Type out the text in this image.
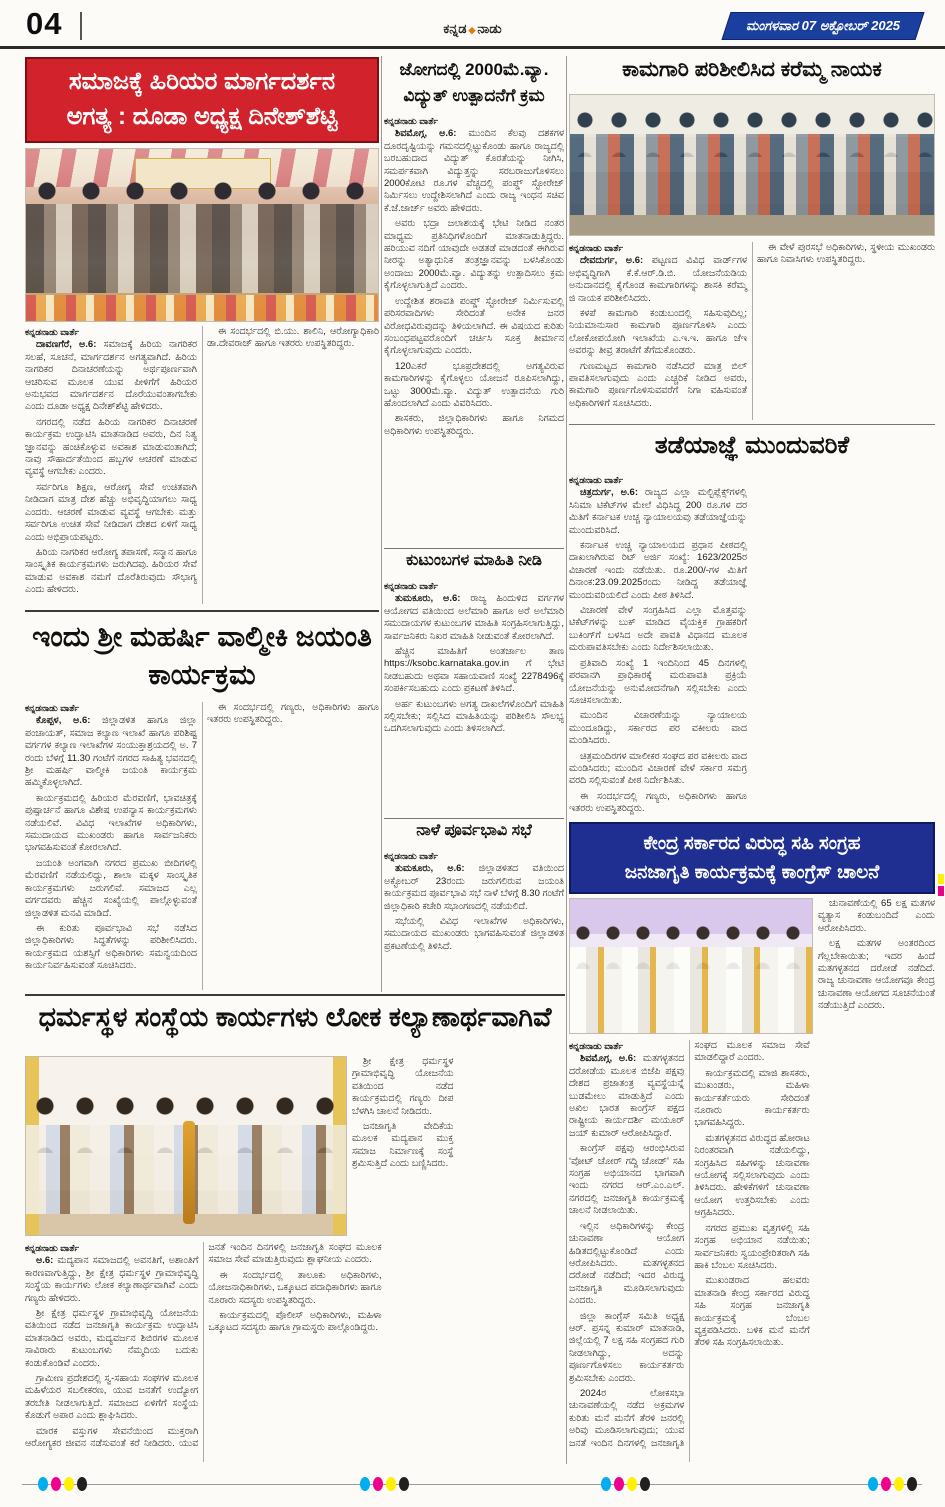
04	ಕನ್ನಡ ◆ ನಾಡು	ಮಂಗಳವಾರ 07 ಅಕ್ಟೋಬರ್ 2025
ಸಮಾಜಕ್ಕೆ ಹಿರಿಯರ ಮಾರ್ಗದರ್ಶನ
ಅಗತ್ಯ : ದೂಡಾ ಅಧ್ಯಕ್ಷ ದಿನೇಶ್‌ಶೆಟ್ಟಿ
ಕನ್ನಡನಾಡು ವಾರ್ತೆ

ದಾವಣಗೆರೆ, ಅ.6: ಸಮಾಜಕ್ಕೆ ಹಿರಿಯ ನಾಗರಿಕರ ಸಲಹೆ, ಸೂಚನೆ, ಮಾರ್ಗದರ್ಶನ ಅಗತ್ಯವಾಗಿದೆ. ಹಿರಿಯ ನಾಗರಿಕರ ದಿನಾಚರಣೆಯನ್ನು ಅರ್ಥಪೂರ್ಣವಾಗಿ ಆಚರಿಸುವ ಮೂಲಕ ಯುವ ಪೀಳಿಗೆಗೆ ಹಿರಿಯರ ಅನುಭವದ ಮಾರ್ಗದರ್ಶನ ದೊರೆಯುವಂತಾಗಬೇಕು ಎಂದು ದೂಡಾ ಅಧ್ಯಕ್ಷ ದಿನೇಶ್‌ಶೆಟ್ಟಿ ಹೇಳಿದರು.

ನಗರದಲ್ಲಿ ನಡೆದ ಹಿರಿಯ ನಾಗರಿಕರ ದಿನಾಚರಣೆ ಕಾರ್ಯಕ್ರಮ ಉದ್ಘಾಟಿಸಿ ಮಾತನಾಡಿದ ಅವರು, ದಿನ ನಿತ್ಯ ಜ್ಞಾನವನ್ನು ಹಂಚಿಕೊಳ್ಳುವ ಅವಕಾಶ ಮಾಡುವಂತಾಗಿದೆ; ನಾವು ಸೌಹಾರ್ದತೆಯಿಂದ ಹಬ್ಬಗಳ ಆಚರಣೆ ಮಾಡುವ ವ್ಯವಸ್ಥೆ ಆಗಬೇಕು ಎಂದರು.

ಸರ್ವರಿಗೂ ಶಿಕ್ಷಣ, ಆರೋಗ್ಯ ಸೇವೆ ಉಚಿತವಾಗಿ ನೀಡಿದಾಗ ಮಾತ್ರ ದೇಶ ಹೆಚ್ಚು ಅಭಿವೃದ್ಧಿಯಾಗಲು ಸಾಧ್ಯ ಎಂದರು. ಆಚರಣೆ ಮಾಡುವ ವ್ಯವಸ್ಥೆ ಆಗಬೇಕು ಮತ್ತು ಸರ್ವರಿಗೂ ಉಚಿತ ಸೇವೆ ನೀಡಿದಾಗ ದೇಶದ ಏಳಿಗೆ ಸಾಧ್ಯ ಎಂದು ಅಭಿಪ್ರಾಯಪಟ್ಟರು.

ಹಿರಿಯ ನಾಗರಿಕರ ಆರೋಗ್ಯ ತಪಾಸಣೆ, ಸನ್ಮಾನ ಹಾಗೂ ಸಾಂಸ್ಕೃತಿಕ ಕಾರ್ಯಕ್ರಮಗಳು ಜರುಗಿದವು. ಹಿರಿಯರ ಸೇವೆ ಮಾಡುವ ಅವಕಾಶ ನಮಗೆ ದೊರೆತಿರುವುದು ಸೌಭಾಗ್ಯ ಎಂದು ಹೇಳಿದರು.

ಈ ಸಂದರ್ಭದಲ್ಲಿ ಬಿ.ಯು. ಶಾಲಿನಿ, ಆರೋಗ್ಯಾಧಿಕಾರಿ ಡಾ.ದೇವರಾಜ್ ಹಾಗೂ ಇತರರು ಉಪಸ್ಥಿತರಿದ್ದರು.

ಇಂದು ಶ್ರೀ ಮಹರ್ಷಿ ವಾಲ್ಮೀಕಿ ಜಯಂತಿ ಕಾರ್ಯಕ್ರಮ
ಕನ್ನಡನಾಡು ವಾರ್ತೆ

ಕೊಪ್ಪಳ, ಅ.6: ಜಿಲ್ಲಾಡಳಿತ ಹಾಗೂ ಜಿಲ್ಲಾ ಪಂಚಾಯತ್, ಸಮಾಜ ಕಲ್ಯಾಣ ಇಲಾಖೆ ಹಾಗೂ ಪರಿಶಿಷ್ಟ ವರ್ಗಗಳ ಕಲ್ಯಾಣ ಇಲಾಖೆಗಳ ಸಂಯುಕ್ತಾಶ್ರಯದಲ್ಲಿ ಅ. 7 ರಂದು ಬೆಳಗ್ಗೆ 11.30 ಗಂಟೆಗೆ ನಗರದ ಸಾಹಿತ್ಯ ಭವನದಲ್ಲಿ ಶ್ರೀ ಮಹರ್ಷಿ ವಾಲ್ಮೀಕಿ ಜಯಂತಿ ಕಾರ್ಯಕ್ರಮ ಹಮ್ಮಿಕೊಳ್ಳಲಾಗಿದೆ.

ಕಾರ್ಯಕ್ರಮದಲ್ಲಿ ಹಿರಿಯರ ಮೆರವಣಿಗೆ, ಭಾವಚಿತ್ರಕ್ಕೆ ಪುಷ್ಪಾರ್ಚನೆ ಹಾಗೂ ವಿಶೇಷ ಉಪನ್ಯಾಸ ಕಾರ್ಯಕ್ರಮಗಳು ನಡೆಯಲಿವೆ. ವಿವಿಧ ಇಲಾಖೆಗಳ ಅಧಿಕಾರಿಗಳು, ಸಮುದಾಯದ ಮುಖಂಡರು ಹಾಗೂ ಸಾರ್ವಜನಿಕರು ಭಾಗವಹಿಸುವಂತೆ ಕೋರಲಾಗಿದೆ.

ಜಯಂತಿ ಅಂಗವಾಗಿ ನಗರದ ಪ್ರಮುಖ ಬೀದಿಗಳಲ್ಲಿ ಮೆರವಣಿಗೆ ನಡೆಯಲಿದ್ದು, ಶಾಲಾ ಮಕ್ಕಳ ಸಾಂಸ್ಕೃತಿಕ ಕಾರ್ಯಕ್ರಮಗಳು ಜರುಗಲಿವೆ. ಸಮಾಜದ ಎಲ್ಲ ವರ್ಗದವರು ಹೆಚ್ಚಿನ ಸಂಖ್ಯೆಯಲ್ಲಿ ಪಾಲ್ಗೊಳ್ಳುವಂತೆ ಜಿಲ್ಲಾಡಳಿತ ಮನವಿ ಮಾಡಿದೆ.

ಈ ಕುರಿತು ಪೂರ್ವಭಾವಿ ಸಭೆ ನಡೆಸಿದ ಜಿಲ್ಲಾಧಿಕಾರಿಗಳು ಸಿದ್ಧತೆಗಳನ್ನು ಪರಿಶೀಲಿಸಿದರು. ಕಾರ್ಯಕ್ರಮದ ಯಶಸ್ಸಿಗೆ ಅಧಿಕಾರಿಗಳು ಸಮನ್ವಯದಿಂದ ಕಾರ್ಯನಿರ್ವಹಿಸುವಂತೆ ಸೂಚಿಸಿದರು.

ಈ ಸಂದರ್ಭದಲ್ಲಿ ಗಣ್ಯರು, ಅಧಿಕಾರಿಗಳು ಹಾಗೂ ಇತರರು ಉಪಸ್ಥಿತರಿದ್ದರು.

ಜೋಗದಲ್ಲಿ 2000ಮೆ.ವ್ಯಾ.
ವಿದ್ಯುತ್ ಉತ್ಪಾದನೆಗೆ ಕ್ರಮ
ಕನ್ನಡನಾಡು ವಾರ್ತೆ

ಶಿವಮೊಗ್ಗ, ಅ.6: ಮುಂದಿನ ಕೆಲವು ದಶಕಗಳ ದೂರದೃಷ್ಟಿಯನ್ನು ಗಮನದಲ್ಲಿಟ್ಟುಕೊಂಡು ಹಾಗೂ ರಾಜ್ಯದಲ್ಲಿ ಬರಬಹುದಾದ ವಿದ್ಯುತ್ ಕೊರತೆಯನ್ನು ನೀಗಿಸಿ, ಸಮರ್ಪಕವಾಗಿ ವಿದ್ಯುತ್ತನ್ನು ಸರಬರಾಜುಗೊಳಿಸಲು 2000ಕೋಟಿ ರೂ.ಗಳ ವೆಚ್ಚದಲ್ಲಿ ಪಂಪ್ಡ್ ಸ್ಟೋರೇಜ್ ನಿರ್ಮಿಸಲು ಉದ್ದೇಶಿಸಲಾಗಿದೆ ಎಂದು ರಾಜ್ಯ ಇಂಧನ ಸಚಿವ ಕೆ.ಜೆ.ಜಾರ್ಜ್ ಅವರು ಹೇಳಿದರು.

ಅವರು ಭದ್ರಾ ಜಲಾಶಯಕ್ಕೆ ಭೇಟಿ ನೀಡಿದ ನಂತರ ಮಾಧ್ಯಮ ಪ್ರತಿನಿಧಿಗಳೊಂದಿಗೆ ಮಾತನಾಡುತ್ತಿದ್ದರು. ಹರಿಯುವ ನದಿಗೆ ಯಾವುದೇ ಅಡತಡೆ ಮಾಡದಂತೆ ಈಗಿರುವ ನೀರನ್ನು ಅತ್ಯಾಧುನಿಕ ತಂತ್ರಜ್ಞಾನವನ್ನು ಬಳಸಿಕೊಂಡು ಅಂದಾಜು 2000ಮೆ.ವ್ಯಾ. ವಿದ್ಯುತನ್ನು ಉತ್ಪಾದಿಸಲು ಕ್ರಮ ಕೈಗೊಳ್ಳಲಾಗುತ್ತಿದೆ ಎಂದರು.

ಉದ್ದೇಶಿತ ಶರಾವತಿ ಪಂಪ್ಡ್ ಸ್ಟೋರೇಜ್ ನಿರ್ಮಿಸುವಲ್ಲಿ ಪರಿಸರವಾದಿಗಳು ಸೇರಿದಂತೆ ಅನೇಕ ಜನರ ವಿರೋಧವಿರುವುದನ್ನು ತಿಳಿಯಲಾಗಿದೆ. ಈ ವಿಷಯದ ಕುರಿತು ಸಂಬಂಧಪಟ್ಟವರೊಂದಿಗೆ ಚರ್ಚಿಸಿ ಸೂಕ್ತ ತೀರ್ಮಾನ ಕೈಗೊಳ್ಳಲಾಗುವುದು ಎಂದರು.

120ಎಕರೆ ಭೂಪ್ರದೇಶದಲ್ಲಿ ಅಗತ್ಯವಿರುವ ಕಾಮಗಾರಿಗಳನ್ನು ಕೈಗೊಳ್ಳಲು ಯೋಜನೆ ರೂಪಿಸಲಾಗಿದ್ದು, ಒಟ್ಟು 3000ಮೆ.ವ್ಯಾ. ವಿದ್ಯುತ್ ಉತ್ಪಾದನೆಯ ಗುರಿ ಹೊಂದಲಾಗಿದೆ ಎಂದು ವಿವರಿಸಿದರು.

ಶಾಸಕರು, ಜಿಲ್ಲಾಧಿಕಾರಿಗಳು ಹಾಗೂ ನಿಗಮದ ಅಧಿಕಾರಿಗಳು ಉಪಸ್ಥಿತರಿದ್ದರು.

ಕುಟುಂಬಗಳ ಮಾಹಿತಿ ನೀಡಿ
ಕನ್ನಡನಾಡು ವಾರ್ತೆ

ತುಮಕೂರು, ಅ.6: ರಾಜ್ಯ ಹಿಂದುಳಿದ ವರ್ಗಗಳ ಆಯೋಗದ ವತಿಯಿಂದ ಅಲೆಮಾರಿ ಹಾಗೂ ಅರೆ ಅಲೆಮಾರಿ ಸಮುದಾಯಗಳ ಕುಟುಂಬಗಳ ಮಾಹಿತಿ ಸಂಗ್ರಹಿಸಲಾಗುತ್ತಿದ್ದು, ಸಾರ್ವಜನಿಕರು ನಿಖರ ಮಾಹಿತಿ ನೀಡುವಂತೆ ಕೋರಲಾಗಿದೆ.

ಹೆಚ್ಚಿನ ಮಾಹಿತಿಗೆ ಅಂತರ್ಜಾಲ ತಾಣ https://ksobc.karnataka.gov.in ಗೆ ಭೇಟಿ ನೀಡಬಹುದು ಅಥವಾ ಸಹಾಯವಾಣಿ ಸಂಖ್ಯೆ 2278496ಕ್ಕೆ ಸಂಪರ್ಕಿಸಬಹುದು ಎಂದು ಪ್ರಕಟಣೆ ತಿಳಿಸಿದೆ.

ಅರ್ಹ ಕುಟುಂಬಗಳು ಅಗತ್ಯ ದಾಖಲೆಗಳೊಂದಿಗೆ ಮಾಹಿತಿ ಸಲ್ಲಿಸಬೇಕು; ಸಲ್ಲಿಸಿದ ಮಾಹಿತಿಯನ್ನು ಪರಿಶೀಲಿಸಿ ಸೌಲಭ್ಯ ಒದಗಿಸಲಾಗುವುದು ಎಂದು ತಿಳಿಸಲಾಗಿದೆ.

ನಾಳೆ ಪೂರ್ವಭಾವಿ ಸಭೆ
ಕನ್ನಡನಾಡು ವಾರ್ತೆ

ತುಮಕೂರು, ಅ.6: ಜಿಲ್ಲಾಡಳಿತದ ವತಿಯಿಂದ ಅಕ್ಟೋಬರ್ 23ರಂದು ಜರುಗಲಿರುವ ಜಯಂತಿ ಕಾರ್ಯಕ್ರಮದ ಪೂರ್ವಭಾವಿ ಸಭೆ ನಾಳೆ ಬೆಳಗ್ಗೆ 8.30 ಗಂಟೆಗೆ ಜಿಲ್ಲಾಧಿಕಾರಿ ಕಚೇರಿ ಸಭಾಂಗಣದಲ್ಲಿ ನಡೆಯಲಿದೆ.

ಸಭೆಯಲ್ಲಿ ವಿವಿಧ ಇಲಾಖೆಗಳ ಅಧಿಕಾರಿಗಳು, ಸಮುದಾಯದ ಮುಖಂಡರು ಭಾಗವಹಿಸುವಂತೆ ಜಿಲ್ಲಾಡಳಿತ ಪ್ರಕಟಣೆಯಲ್ಲಿ ತಿಳಿಸಿದೆ.

ಕಾಮಗಾರಿ ಪರಿಶೀಲಿಸಿದ ಕರೆಮ್ಮ ನಾಯಕ
ಕನ್ನಡನಾಡು ವಾರ್ತೆ

ದೇವದುರ್ಗ, ಅ.6: ಪಟ್ಟಣದ ವಿವಿಧ ವಾರ್ಡ್‌ಗಳ ಅಭಿವೃದ್ಧಿಗಾಗಿ ಕೆ.ಕೆ.ಆರ್.ಡಿ.ಬಿ. ಯೋಜನೆಯಡಿಯ ಅನುದಾನದಲ್ಲಿ ಕೈಗೊಂಡ ಕಾಮಗಾರಿಗಳನ್ನು ಶಾಸಕಿ ಕರೆಮ್ಮ ಜಿ ನಾಯಕ ಪರಿಶೀಲಿಸಿದರು.

ಕಳಪೆ ಕಾಮಗಾರಿ ಕಂಡುಬಂದಲ್ಲಿ ಸಹಿಸುವುದಿಲ್ಲ; ನಿಯಮಾನುಸಾರ ಕಾಮಗಾರಿ ಪೂರ್ಣಗೊಳಿಸಿ ಎಂದು ಲೋಕೋಪಯೋಗಿ ಇಲಾಖೆಯ ಎ.ಇ.ಇ. ಹಾಗೂ ಜೆಇ ಅವರನ್ನು ತೀವ್ರ ತರಾಟೆಗೆ ತೆಗೆದುಕೊಂಡರು.

ಗುಣಮಟ್ಟದ ಕಾಮಗಾರಿ ನಡೆಸಿದರೆ ಮಾತ್ರ ಬಿಲ್ ಪಾವತಿಸಲಾಗುವುದು ಎಂದು ಎಚ್ಚರಿಕೆ ನೀಡಿದ ಅವರು, ಕಾಮಗಾರಿ ಪೂರ್ಣಗೊಳಿಸುವವರೆಗೆ ನಿಗಾ ವಹಿಸುವಂತೆ ಅಧಿಕಾರಿಗಳಿಗೆ ಸೂಚಿಸಿದರು.

ಈ ವೇಳೆ ಪುರಸಭೆ ಅಧಿಕಾರಿಗಳು, ಸ್ಥಳೀಯ ಮುಖಂಡರು ಹಾಗೂ ನಿವಾಸಿಗಳು ಉಪಸ್ಥಿತರಿದ್ದರು.

ತಡೆಯಾಜ್ಞೆ ಮುಂದುವರಿಕೆ
ಕನ್ನಡನಾಡು ವಾರ್ತೆ

ಚಿತ್ರದುರ್ಗ, ಅ.6: ರಾಜ್ಯದ ಎಲ್ಲಾ ಮಲ್ಟಿಪ್ಲೆಕ್ಸ್‌ಗಳಲ್ಲಿ ಸಿನಿಮಾ ಟಿಕೆಟ್‌ಗಳ ಮೇಲೆ ವಿಧಿಸಿದ್ದ 200 ರೂ.ಗಳ ದರ ಮಿತಿಗೆ ಕರ್ನಾಟಕ ಉಚ್ಚ ನ್ಯಾಯಾಲಯವು ತಡೆಯಾಜ್ಞೆಯನ್ನು ಮುಂದುವರಿಸಿದೆ.

ಕರ್ನಾಟಕ ಉಚ್ಚ ನ್ಯಾಯಾಲಯದ ಪ್ರಧಾನ ಪೀಠದಲ್ಲಿ ದಾಖಲಾಗಿರುವ ರಿಟ್ ಅರ್ಜಿ ಸಂಖ್ಯೆ: 1623/2025ರ ವಿಚಾರಣೆ ಇಂದು ನಡೆಯಿತು. ರೂ.200/-ಗಳ ಮಿತಿಗೆ ದಿನಾಂಕ:23.09.2025ರಂದು ನೀಡಿದ್ದ ತಡೆಯಾಜ್ಞೆ ಮುಂದುವರಿಯಲಿದೆ ಎಂದು ಪೀಠ ತಿಳಿಸಿದೆ.

ವಿಚಾರಣೆ ವೇಳೆ ಸಂಗ್ರಹಿಸಿದ ಎಲ್ಲಾ ಮೊತ್ತವನ್ನು ಟಿಕೆಟ್‌ಗಳನ್ನು ಬುಕ್ ಮಾಡಿದ ವೈಯಕ್ತಿಕ ಗ್ರಾಹಕರಿಗೆ ಬುಕಿಂಗ್‌ಗೆ ಬಳಸಿದ ಅದೇ ಪಾವತಿ ವಿಧಾನದ ಮೂಲಕ ಮರುಪಾವತಿಸಬೇಕು ಎಂದು ನಿರ್ದೇಶಿಸಲಾಯಿತು.

ಪ್ರತಿವಾದಿ ಸಂಖ್ಯೆ 1 ಇಂದಿನಿಂದ 45 ದಿನಗಳಲ್ಲಿ ಪರವಾನಗಿ ಪ್ರಾಧಿಕಾರಕ್ಕೆ ಮರುಪಾವತಿ ಪ್ರಕ್ರಿಯೆ ಯೋಜನೆಯನ್ನು ಅನುಮೋದನೆಗಾಗಿ ಸಲ್ಲಿಸಬೇಕು ಎಂದು ಸೂಚಿಸಲಾಯಿತು.

ಮುಂದಿನ ವಿಚಾರಣೆಯನ್ನು ನ್ಯಾಯಾಲಯ ಮುಂದೂಡಿದ್ದು, ಸರ್ಕಾರದ ಪರ ವಕೀಲರು ವಾದ ಮಂಡಿಸಿದರು.

ಚಿತ್ರಮಂದಿರಗಳ ಮಾಲೀಕರ ಸಂಘದ ಪರ ವಕೀಲರು ವಾದ ಮಂಡಿಸಿದರು; ಮುಂದಿನ ವಿಚಾರಣೆ ವೇಳೆ ಸರ್ಕಾರ ಸಮಗ್ರ ವರದಿ ಸಲ್ಲಿಸುವಂತೆ ಪೀಠ ನಿರ್ದೇಶಿಸಿತು.

ಈ ಸಂದರ್ಭದಲ್ಲಿ ಗಣ್ಯರು, ಅಧಿಕಾರಿಗಳು ಹಾಗೂ ಇತರರು ಉಪಸ್ಥಿತರಿದ್ದರು.

ಕೇಂದ್ರ ಸರ್ಕಾರದ ವಿರುದ್ಧ ಸಹಿ ಸಂಗ್ರಹ
ಜನಜಾಗೃತಿ ಕಾರ್ಯಕ್ರಮಕ್ಕೆ ಕಾಂಗ್ರೆಸ್ ಚಾಲನೆ

ಚುನಾವಣೆಯಲ್ಲಿ 65 ಲಕ್ಷ ಮತಗಳ ವ್ಯತ್ಯಾಸ ಕಂಡುಬಂದಿದೆ ಎಂದು ಆರೋಪಿಸಿದರು.

ಲಕ್ಷ ಮತಗಳ ಅಂತರದಿಂದ ಗೆಲ್ಲಬೇಕಾಯಿತು; ಇದರ ಹಿಂದೆ ಮತಗಳ್ಳತನದ ದರೋಡೆ ನಡೆದಿದೆ. ರಾಜ್ಯ ಚುನಾವಣಾ ಆಯೋಗವೂ ಕೇಂದ್ರ ಚುನಾವಣಾ ಆಯೋಗದ ಸೂಚನೆಯಂತೆ ನಡೆಯುತ್ತಿದೆ ಎಂದರು.

ಕನ್ನಡನಾಡು ವಾರ್ತೆ

ಶಿವಮೊಗ್ಗ, ಅ.6: ಮತಗಳ್ಳತನದ ದರೋಡೆಯ ಮೂಲಕ ಬಿಜೆಪಿ ಪಕ್ಷವು ದೇಶದ ಪ್ರಜಾತಂತ್ರ ವ್ಯವಸ್ಥೆಯನ್ನೆ ಬುಡಮೇಲು ಮಾಡುತ್ತಿದೆ ಎಂದು ಅಖಿಲ ಭಾರತ ಕಾಂಗ್ರೆಸ್ ಪಕ್ಷದ ರಾಷ್ಟ್ರೀಯ ಕಾರ್ಯದರ್ಶಿ ಮಯೂರ್ ಜಯ್ ಕುಮಾರ್ ಆರೋಪಿಸಿದ್ದಾರೆ.

ಕಾಂಗ್ರೆಸ್ ಪಕ್ಷವು ಆರಂಭಿಸಿರುವ ‘ವೋಟ್ ಚೋರ್ ಗದ್ದಿ ಚೋಡ್’ ಸಹಿ ಸಂಗ್ರಹ ಅಭಿಯಾನದ ಭಾಗವಾಗಿ ಇಂದು ನಗರದ ಆರ್.ಎಂ.ಎಲ್. ನಗರದಲ್ಲಿ ಜನಜಾಗೃತಿ ಕಾರ್ಯಕ್ರಮಕ್ಕೆ ಚಾಲನೆ ನೀಡಲಾಯಿತು.

ಇಲ್ಲಿನ ಅಧಿಕಾರಿಗಳನ್ನು ಕೇಂದ್ರ ಚುನಾವಣಾ ಆಯೋಗ ಹಿಡಿತದಲ್ಲಿಟ್ಟುಕೊಂಡಿದೆ ಎಂದು ಆರೋಪಿಸಿದರು. ಮತಗಳ್ಳತನದ ದರೋಡೆ ನಡೆದಿದೆ; ಇದರ ವಿರುದ್ಧ ಜನಜಾಗೃತಿ ಮೂಡಿಸಲಾಗುವುದು ಎಂದರು.

ಜಿಲ್ಲಾ ಕಾಂಗ್ರೆಸ್ ಸಮಿತಿ ಅಧ್ಯಕ್ಷ ಆರ್. ಪ್ರಸನ್ನ ಕುಮಾರ್ ಮಾತನಾಡಿ, ಜಿಲ್ಲೆಯಲ್ಲಿ 7 ಲಕ್ಷ ಸಹಿ ಸಂಗ್ರಹದ ಗುರಿ ನೀಡಲಾಗಿದ್ದು, ಅದನ್ನು ಪೂರ್ಣಗೊಳಿಸಲು ಕಾರ್ಯಕರ್ತರು ಶ್ರಮಿಸಬೇಕು ಎಂದರು.

2024ರ ಲೋಕಸಭಾ ಚುನಾವಣೆಯಲ್ಲಿ ನಡೆದ ಅಕ್ರಮಗಳ ಕುರಿತು ಮನೆ ಮನೆಗೆ ತೆರಳಿ ಜನರಲ್ಲಿ ಅರಿವು ಮೂಡಿಸಲಾಗುವುದು; ಯುವ ಜನತೆ ಇಂದಿನ ದಿನಗಳಲ್ಲಿ ಜನಜಾಗೃತಿ ಸಂಘದ ಮೂಲಕ ಸಮಾಜ ಸೇವೆ ಮಾಡಲಿದ್ದಾರೆ ಎಂದರು.

ಕಾರ್ಯಕ್ರಮದಲ್ಲಿ ಮಾಜಿ ಶಾಸಕರು, ಮುಖಂಡರು, ಮಹಿಳಾ ಕಾರ್ಯಕರ್ತೆಯರು ಸೇರಿದಂತೆ ನೂರಾರು ಕಾರ್ಯಕರ್ತರು ಭಾಗವಹಿಸಿದ್ದರು.

ಮತಗಳ್ಳತನದ ವಿರುದ್ಧದ ಹೋರಾಟ ನಿರಂತರವಾಗಿ ನಡೆಯಲಿದ್ದು, ಸಂಗ್ರಹಿಸಿದ ಸಹಿಗಳನ್ನು ಚುನಾವಣಾ ಆಯೋಗಕ್ಕೆ ಸಲ್ಲಿಸಲಾಗುವುದು ಎಂದು ತಿಳಿಸಿದರು. ಹೇಳಿಕೆಗಳಿಗೆ ಚುನಾವಣಾ ಆಯೋಗ ಉತ್ತರಿಸಬೇಕು ಎಂದು ಆಗ್ರಹಿಸಿದರು.

ನಗರದ ಪ್ರಮುಖ ವೃತ್ತಗಳಲ್ಲಿ ಸಹಿ ಸಂಗ್ರಹ ಅಭಿಯಾನ ನಡೆಯಿತು; ಸಾರ್ವಜನಿಕರು ಸ್ವಯಂಪ್ರೇರಿತರಾಗಿ ಸಹಿ ಹಾಕಿ ಬೆಂಬಲ ಸೂಚಿಸಿದರು.

ಮುಖಂಡರಾದ ಹಲವರು ಮಾತನಾಡಿ ಕೇಂದ್ರ ಸರ್ಕಾರದ ವಿರುದ್ಧ ಸಹಿ ಸಂಗ್ರಹ ಜನಜಾಗೃತಿ ಕಾರ್ಯಕ್ರಮಕ್ಕೆ ಬೆಂಬಲ ವ್ಯಕ್ತಪಡಿಸಿದರು. ಬಳಿಕ ಮನೆ ಮನೆಗೆ ತೆರಳಿ ಸಹಿ ಸಂಗ್ರಹಿಸಲಾಯಿತು.

ಧರ್ಮಸ್ಥಳ ಸಂಸ್ಥೆಯ ಕಾರ್ಯಗಳು ಲೋಕ ಕಲ್ಯಾಣಾರ್ಥವಾಗಿವೆ

ಶ್ರೀ ಕ್ಷೇತ್ರ ಧರ್ಮಸ್ಥಳ ಗ್ರಾಮಾಭಿವೃದ್ಧಿ ಯೋಜನೆಯ ವತಿಯಿಂದ ನಡೆದ ಕಾರ್ಯಕ್ರಮದಲ್ಲಿ ಗಣ್ಯರು ದೀಪ ಬೆಳಗಿಸಿ ಚಾಲನೆ ನೀಡಿದರು.

ಜನಜಾಗೃತಿ ವೇದಿಕೆಯ ಮೂಲಕ ಮದ್ಯಪಾನ ಮುಕ್ತ ಸಮಾಜ ನಿರ್ಮಾಣಕ್ಕೆ ಸಂಸ್ಥೆ ಶ್ರಮಿಸುತ್ತಿದೆ ಎಂದು ಬಣ್ಣಿಸಿದರು.

ಕನ್ನಡನಾಡು ವಾರ್ತೆ

ಅ.6: ಮದ್ಯಪಾನ ಸಮಾಜದಲ್ಲಿ ಅವನತಿಗೆ, ಅಶಾಂತಿಗೆ ಕಾರಣವಾಗುತ್ತಿದ್ದು, ಶ್ರೀ ಕ್ಷೇತ್ರ ಧರ್ಮಸ್ಥಳ ಗ್ರಾಮಾಭಿವೃದ್ಧಿ ಸಂಸ್ಥೆಯ ಕಾರ್ಯಗಳು ಲೋಕ ಕಲ್ಯಾಣಾರ್ಥವಾಗಿವೆ ಎಂದು ಗಣ್ಯರು ಹೇಳಿದರು.

ಶ್ರೀ ಕ್ಷೇತ್ರ ಧರ್ಮಸ್ಥಳ ಗ್ರಾಮಾಭಿವೃದ್ಧಿ ಯೋಜನೆಯ ವತಿಯಿಂದ ನಡೆದ ಜನಜಾಗೃತಿ ಕಾರ್ಯಕ್ರಮ ಉದ್ಘಾಟಿಸಿ ಮಾತನಾಡಿದ ಅವರು, ಮದ್ಯವರ್ಜನ ಶಿಬಿರಗಳ ಮೂಲಕ ಸಾವಿರಾರು ಕುಟುಂಬಗಳು ನೆಮ್ಮದಿಯ ಬದುಕು ಕಂಡುಕೊಂಡಿವೆ ಎಂದರು.

ಗ್ರಾಮೀಣ ಪ್ರದೇಶದಲ್ಲಿ ಸ್ವ-ಸಹಾಯ ಸಂಘಗಳ ಮೂಲಕ ಮಹಿಳೆಯರ ಸಬಲೀಕರಣ, ಯುವ ಜನತೆಗೆ ಉದ್ಯೋಗ ತರಬೇತಿ ನೀಡಲಾಗುತ್ತಿದೆ. ಸಮಾಜದ ಏಳಿಗೆಗೆ ಸಂಸ್ಥೆಯ ಕೊಡುಗೆ ಅಪಾರ ಎಂದು ಶ್ಲಾಘಿಸಿದರು.

ಮಾರಕ ವಸ್ತುಗಳ ಸೇವನೆಯಿಂದ ಮುಕ್ತರಾಗಿ ಆರೋಗ್ಯಕರ ಜೀವನ ನಡೆಸುವಂತೆ ಕರೆ ನೀಡಿದರು. ಯುವ ಜನತೆ ಇಂದಿನ ದಿನಗಳಲ್ಲಿ ಜನಜಾಗೃತಿ ಸಂಘದ ಮೂಲಕ ಸಮಾಜ ಸೇವೆ ಮಾಡುತ್ತಿರುವುದು ಶ್ಲಾಘನೀಯ ಎಂದರು.

ಈ ಸಂದರ್ಭದಲ್ಲಿ ತಾಲೂಕು ಅಧಿಕಾರಿಗಳು, ಯೋಜನಾಧಿಕಾರಿಗಳು, ಒಕ್ಕೂಟದ ಪದಾಧಿಕಾರಿಗಳು ಹಾಗೂ ನೂರಾರು ಸದಸ್ಯರು ಉಪಸ್ಥಿತರಿದ್ದರು.

ಕಾರ್ಯಕ್ರಮದಲ್ಲಿ ಪೊಲೀಸ್ ಅಧಿಕಾರಿಗಳು, ಮಹಿಳಾ ಒಕ್ಕೂಟದ ಸದಸ್ಯರು ಹಾಗೂ ಗ್ರಾಮಸ್ಥರು ಪಾಲ್ಗೊಂಡಿದ್ದರು.
